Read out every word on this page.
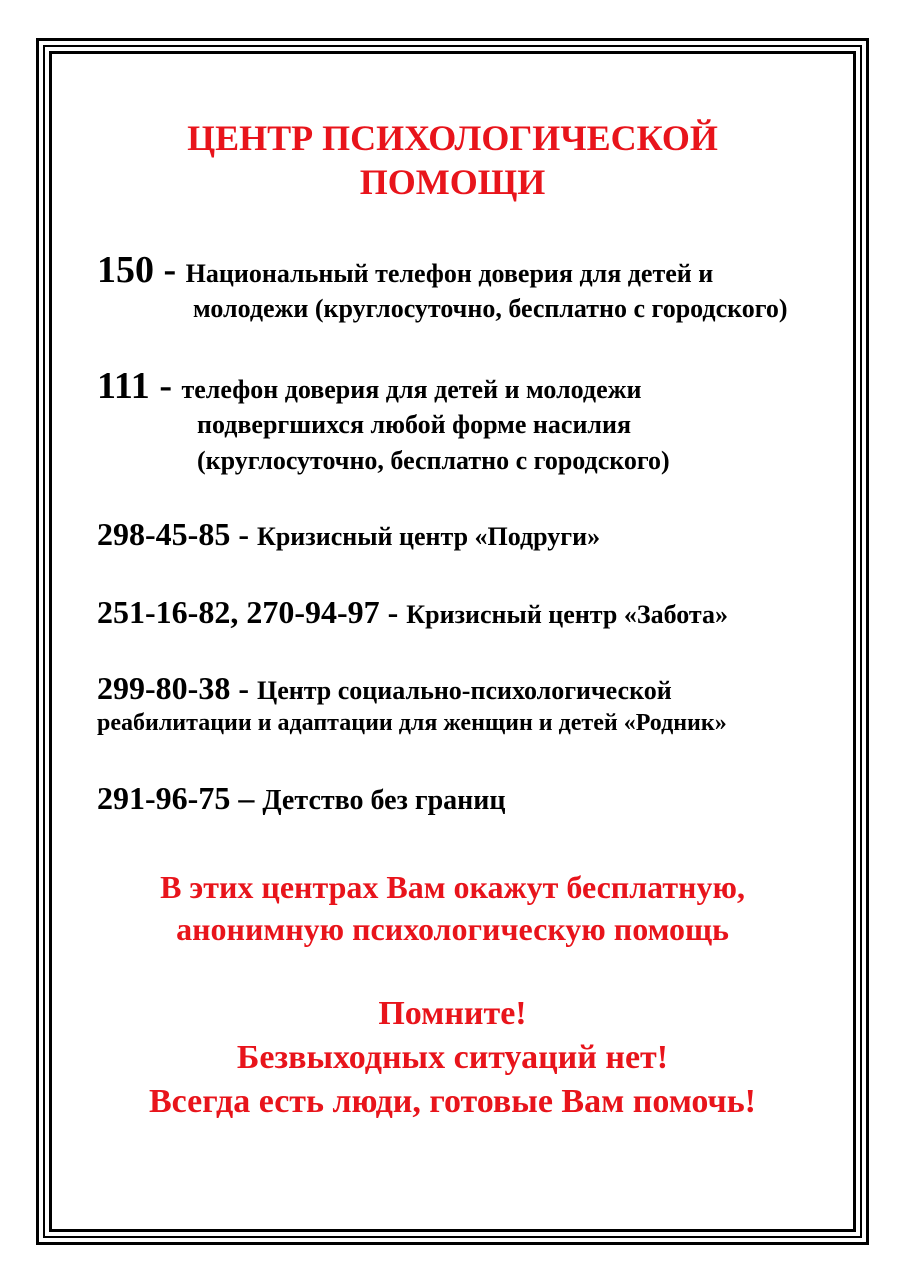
ЦЕНТР ПСИХОЛОГИЧЕСКОЙ
ПОМОЩИ
150 - Национальный телефон доверия для детей и
молодежи (круглосуточно, бесплатно с городского)
111 - телефон доверия для детей и молодежи
подвергшихся любой форме насилия
(круглосуточно, бесплатно с городского)
298-45-85 - Кризисный центр «Подруги»
251-16-82, 270-94-97 - Кризисный центр «Забота»
299-80-38 - Центр социально-психологической
реабилитации и адаптации для женщин и детей «Родник»
291-96-75 – Детство без границ
В этих центрах Вам окажут бесплатную,
анонимную психологическую помощь
Помните!
Безвыходных ситуаций нет!
Всегда есть люди, готовые Вам помочь!
